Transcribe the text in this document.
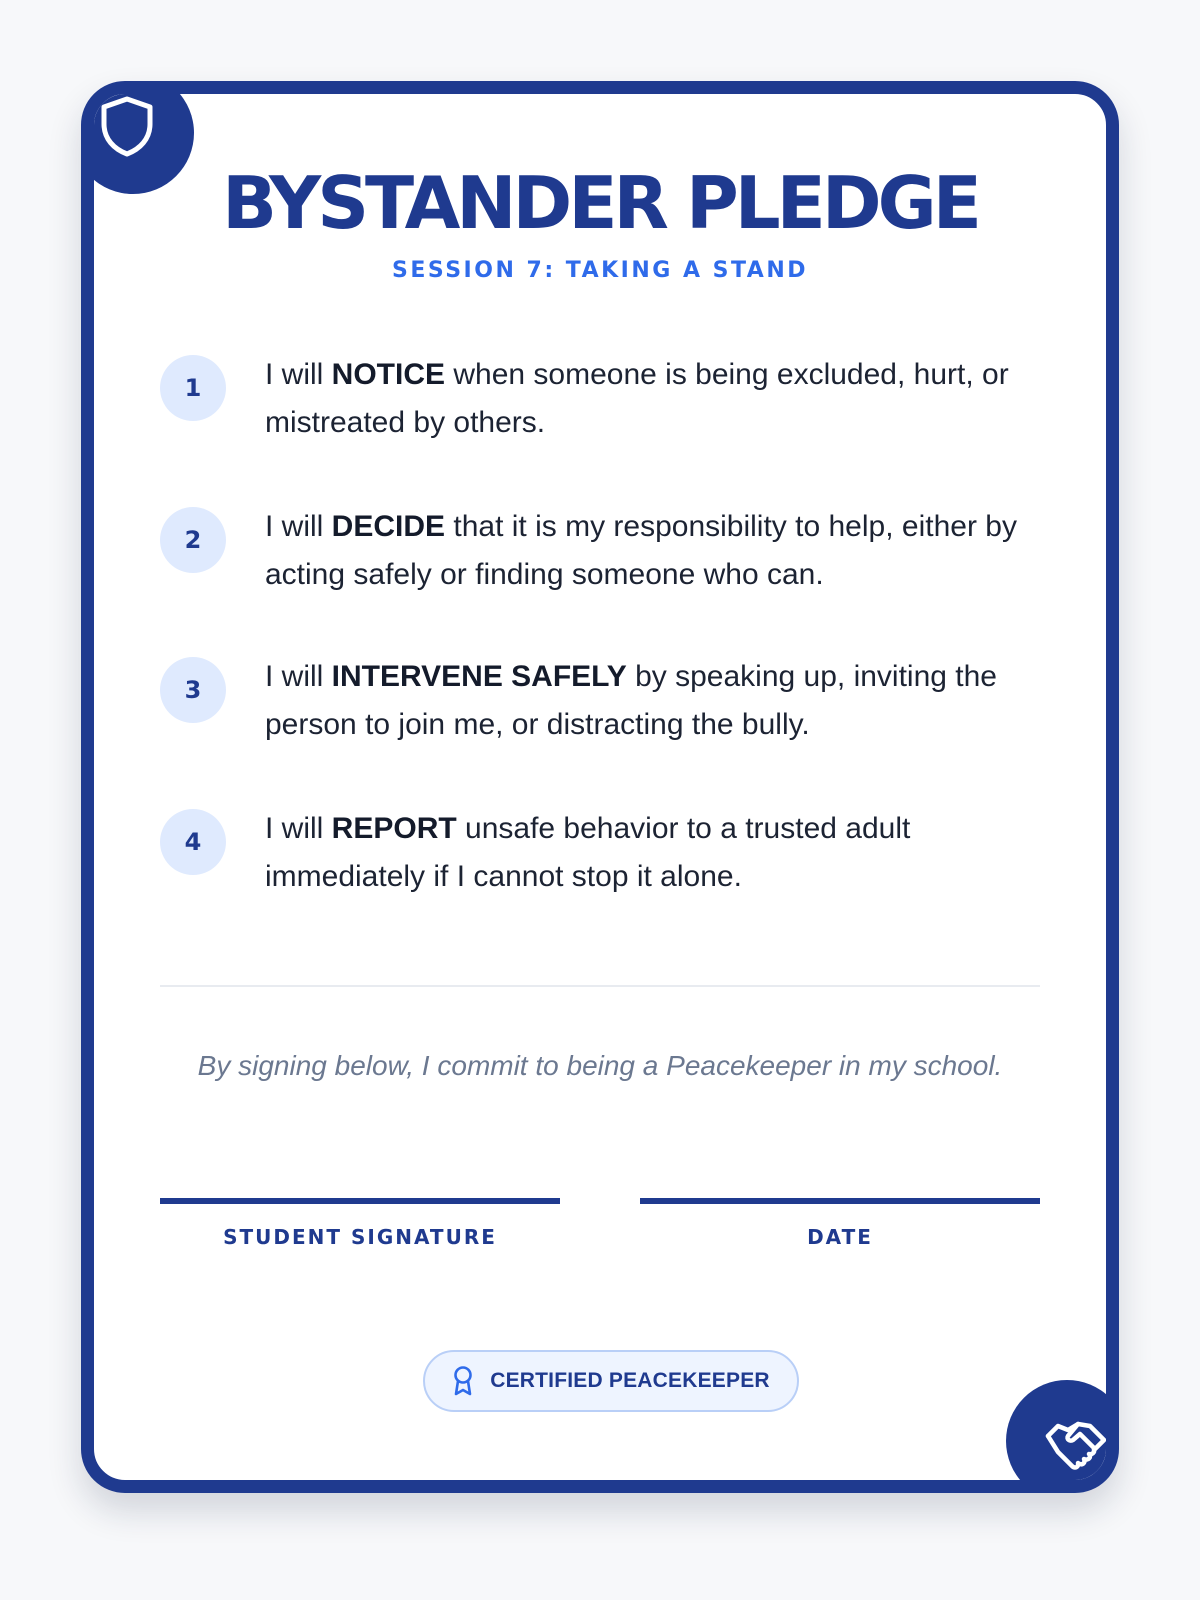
BYSTANDER PLEDGE
SESSION 7: TAKING A STAND
1	I will NOTICE when someone is being excluded, hurt, or mistreated by others.
2	I will DECIDE that it is my responsibility to help, either by acting safely or finding someone who can.
3	I will INTERVENE SAFELY by speaking up, inviting the person to join me, or distracting the bully.
4	I will REPORT unsafe behavior to a trusted adult immediately if I cannot stop it alone.
By signing below, I commit to being a Peacekeeper in my school.
STUDENT SIGNATURE	DATE
CERTIFIED PEACEKEEPER
